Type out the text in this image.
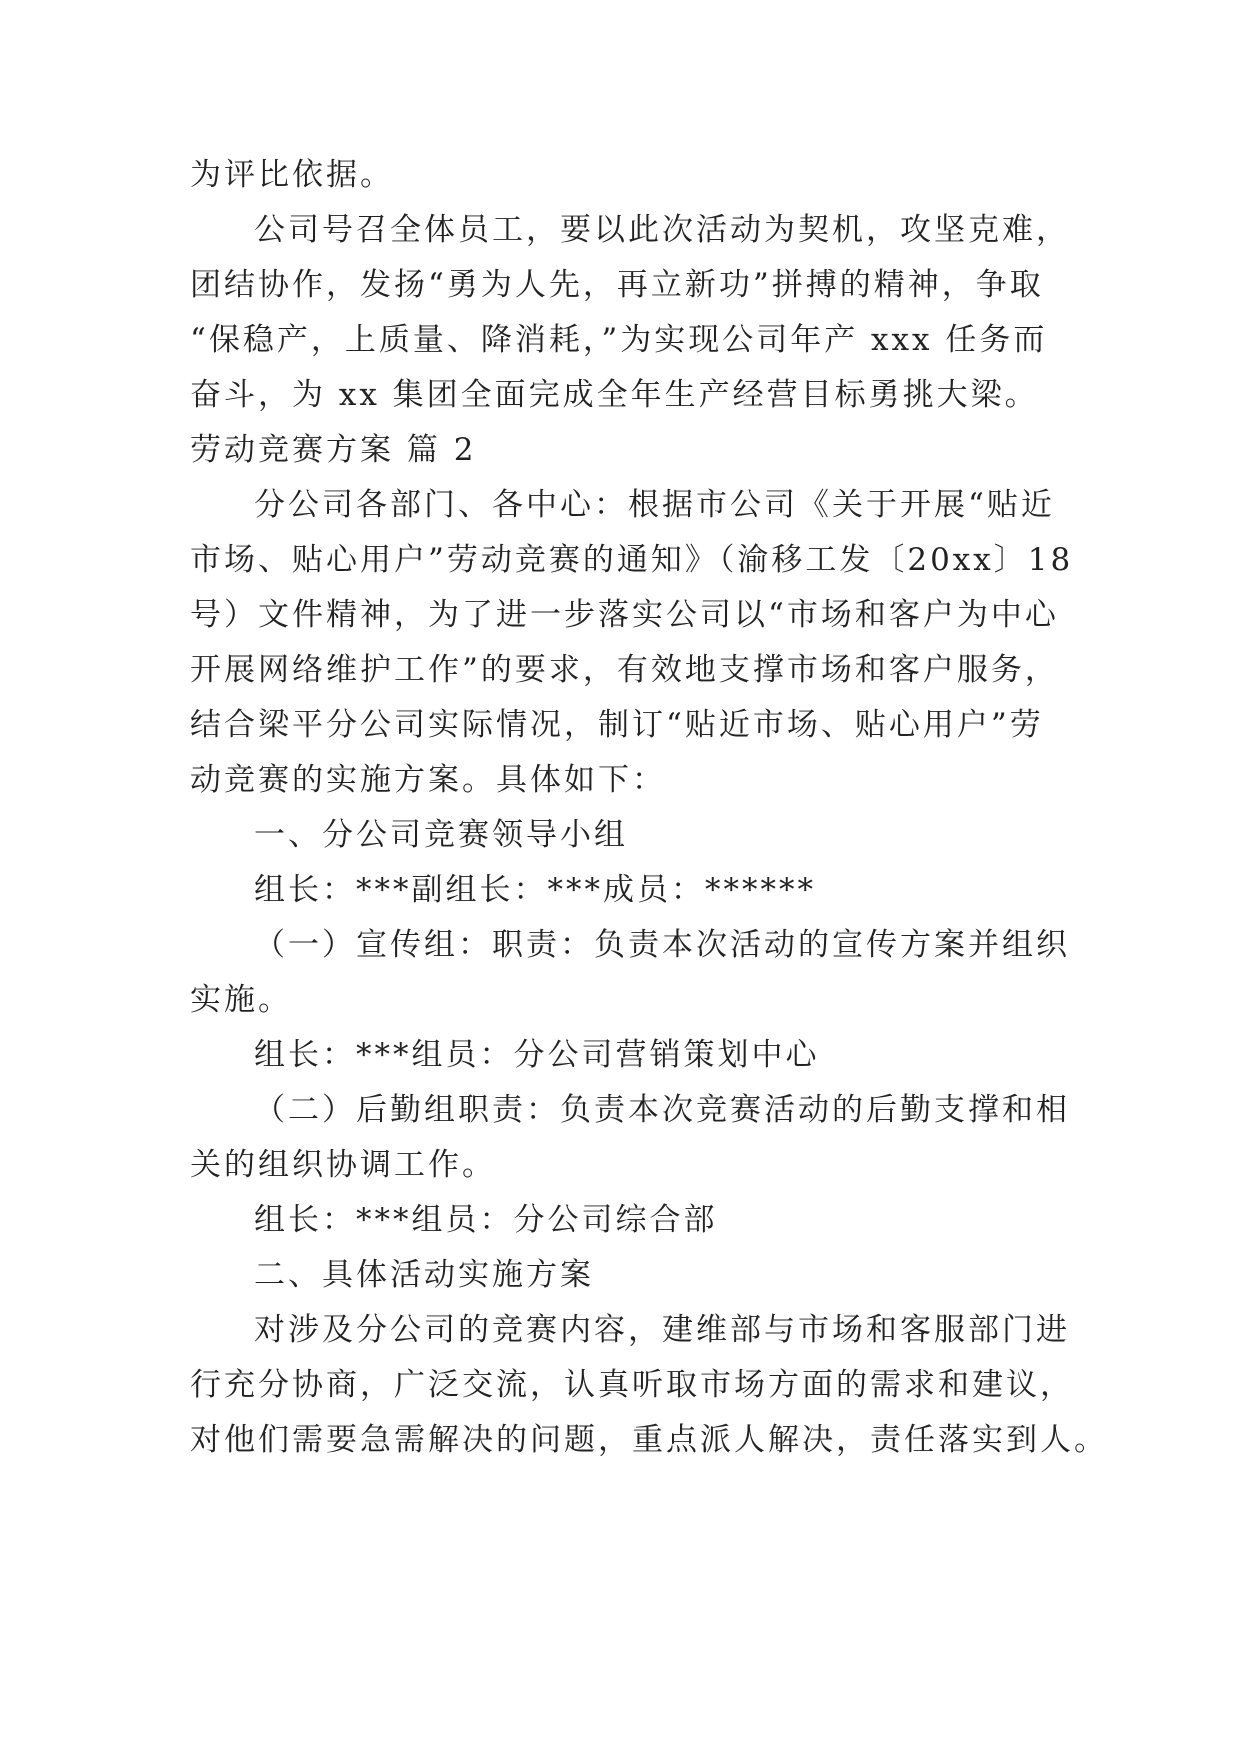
为评比依据。
公司号召全体员工，要以此次活动为契机，攻坚克难，
团结协作，发扬“勇为人先，再立新功”拼搏的精神，争取
“保稳产，上质量、降消耗，”为实现公司年产 xxx 任务而
奋斗，为 xx 集团全面完成全年生产经营目标勇挑大梁。
劳动竞赛方案 篇 2
分公司各部门、各中心：根据市公司《关于开展“贴近
市场、贴心用户”劳动竞赛的通知》（渝移工发〔20xx〕18
号）文件精神，为了进一步落实公司以“市场和客户为中心
开展网络维护工作”的要求，有效地支撑市场和客户服务，
结合梁平分公司实际情况，制订“贴近市场、贴心用户”劳
动竞赛的实施方案。具体如下：
一、分公司竞赛领导小组
组长：***副组长：***成员：******
（一）宣传组：职责：负责本次活动的宣传方案并组织
实施。
组长：***组员：分公司营销策划中心
（二）后勤组职责：负责本次竞赛活动的后勤支撑和相
关的组织协调工作。
组长：***组员：分公司综合部
二、具体活动实施方案
对涉及分公司的竞赛内容，建维部与市场和客服部门进
行充分协商，广泛交流，认真听取市场方面的需求和建议，
对他们需要急需解决的问题，重点派人解决，责任落实到人。
